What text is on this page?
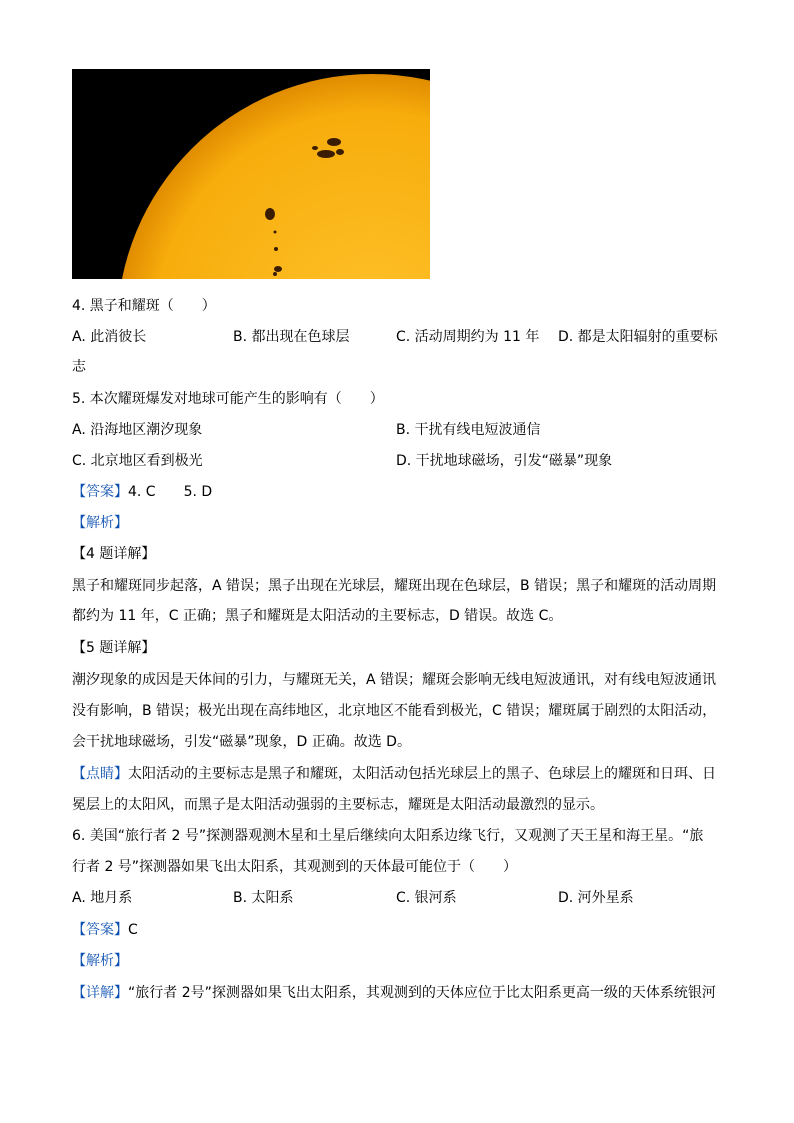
4. 黑子和耀斑（　　）
A. 此消彼长	B. 都出现在色球层	C. 活动周期约为 11 年 D. 都是太阳辐射的重要标
志
5. 本次耀斑爆发对地球可能产生的影响有（　　）
A. 沿海地区潮汐现象	B. 干扰有线电短波通信
C. 北京地区看到极光	D. 干扰地球磁场，引发“磁暴”现象
【答案】4. C　　5. D
【解析】
【4 题详解】
黑子和耀斑同步起落，A 错误；黑子出现在光球层，耀斑出现在色球层，B 错误；黑子和耀斑的活动周期
都约为 11 年，C 正确；黑子和耀斑是太阳活动的主要标志，D 错误。故选 C。
【5 题详解】
潮汐现象的成因是天体间的引力，与耀斑无关，A 错误；耀斑会影响无线电短波通讯，对有线电短波通讯
没有影响，B 错误；极光出现在高纬地区，北京地区不能看到极光，C 错误；耀斑属于剧烈的太阳活动，
会干扰地球磁场，引发“磁暴”现象，D 正确。故选 D。
【点睛】太阳活动的主要标志是黑子和耀斑，太阳活动包括光球层上的黑子、色球层上的耀斑和日珥、日
冕层上的太阳风，而黑子是太阳活动强弱的主要标志，耀斑是太阳活动最激烈的显示。
6. 美国“旅行者 2 号”探测器观测木星和土星后继续向太阳系边缘飞行，又观测了天王星和海王星。“旅
行者 2 号”探测器如果飞出太阳系，其观测到的天体最可能位于（　　）
A. 地月系	B. 太阳系	C. 银河系	D. 河外星系
【答案】C
【解析】
【详解】“旅行者 2号”探测器如果飞出太阳系，其观测到的天体应位于比太阳系更高一级的天体系统银河
